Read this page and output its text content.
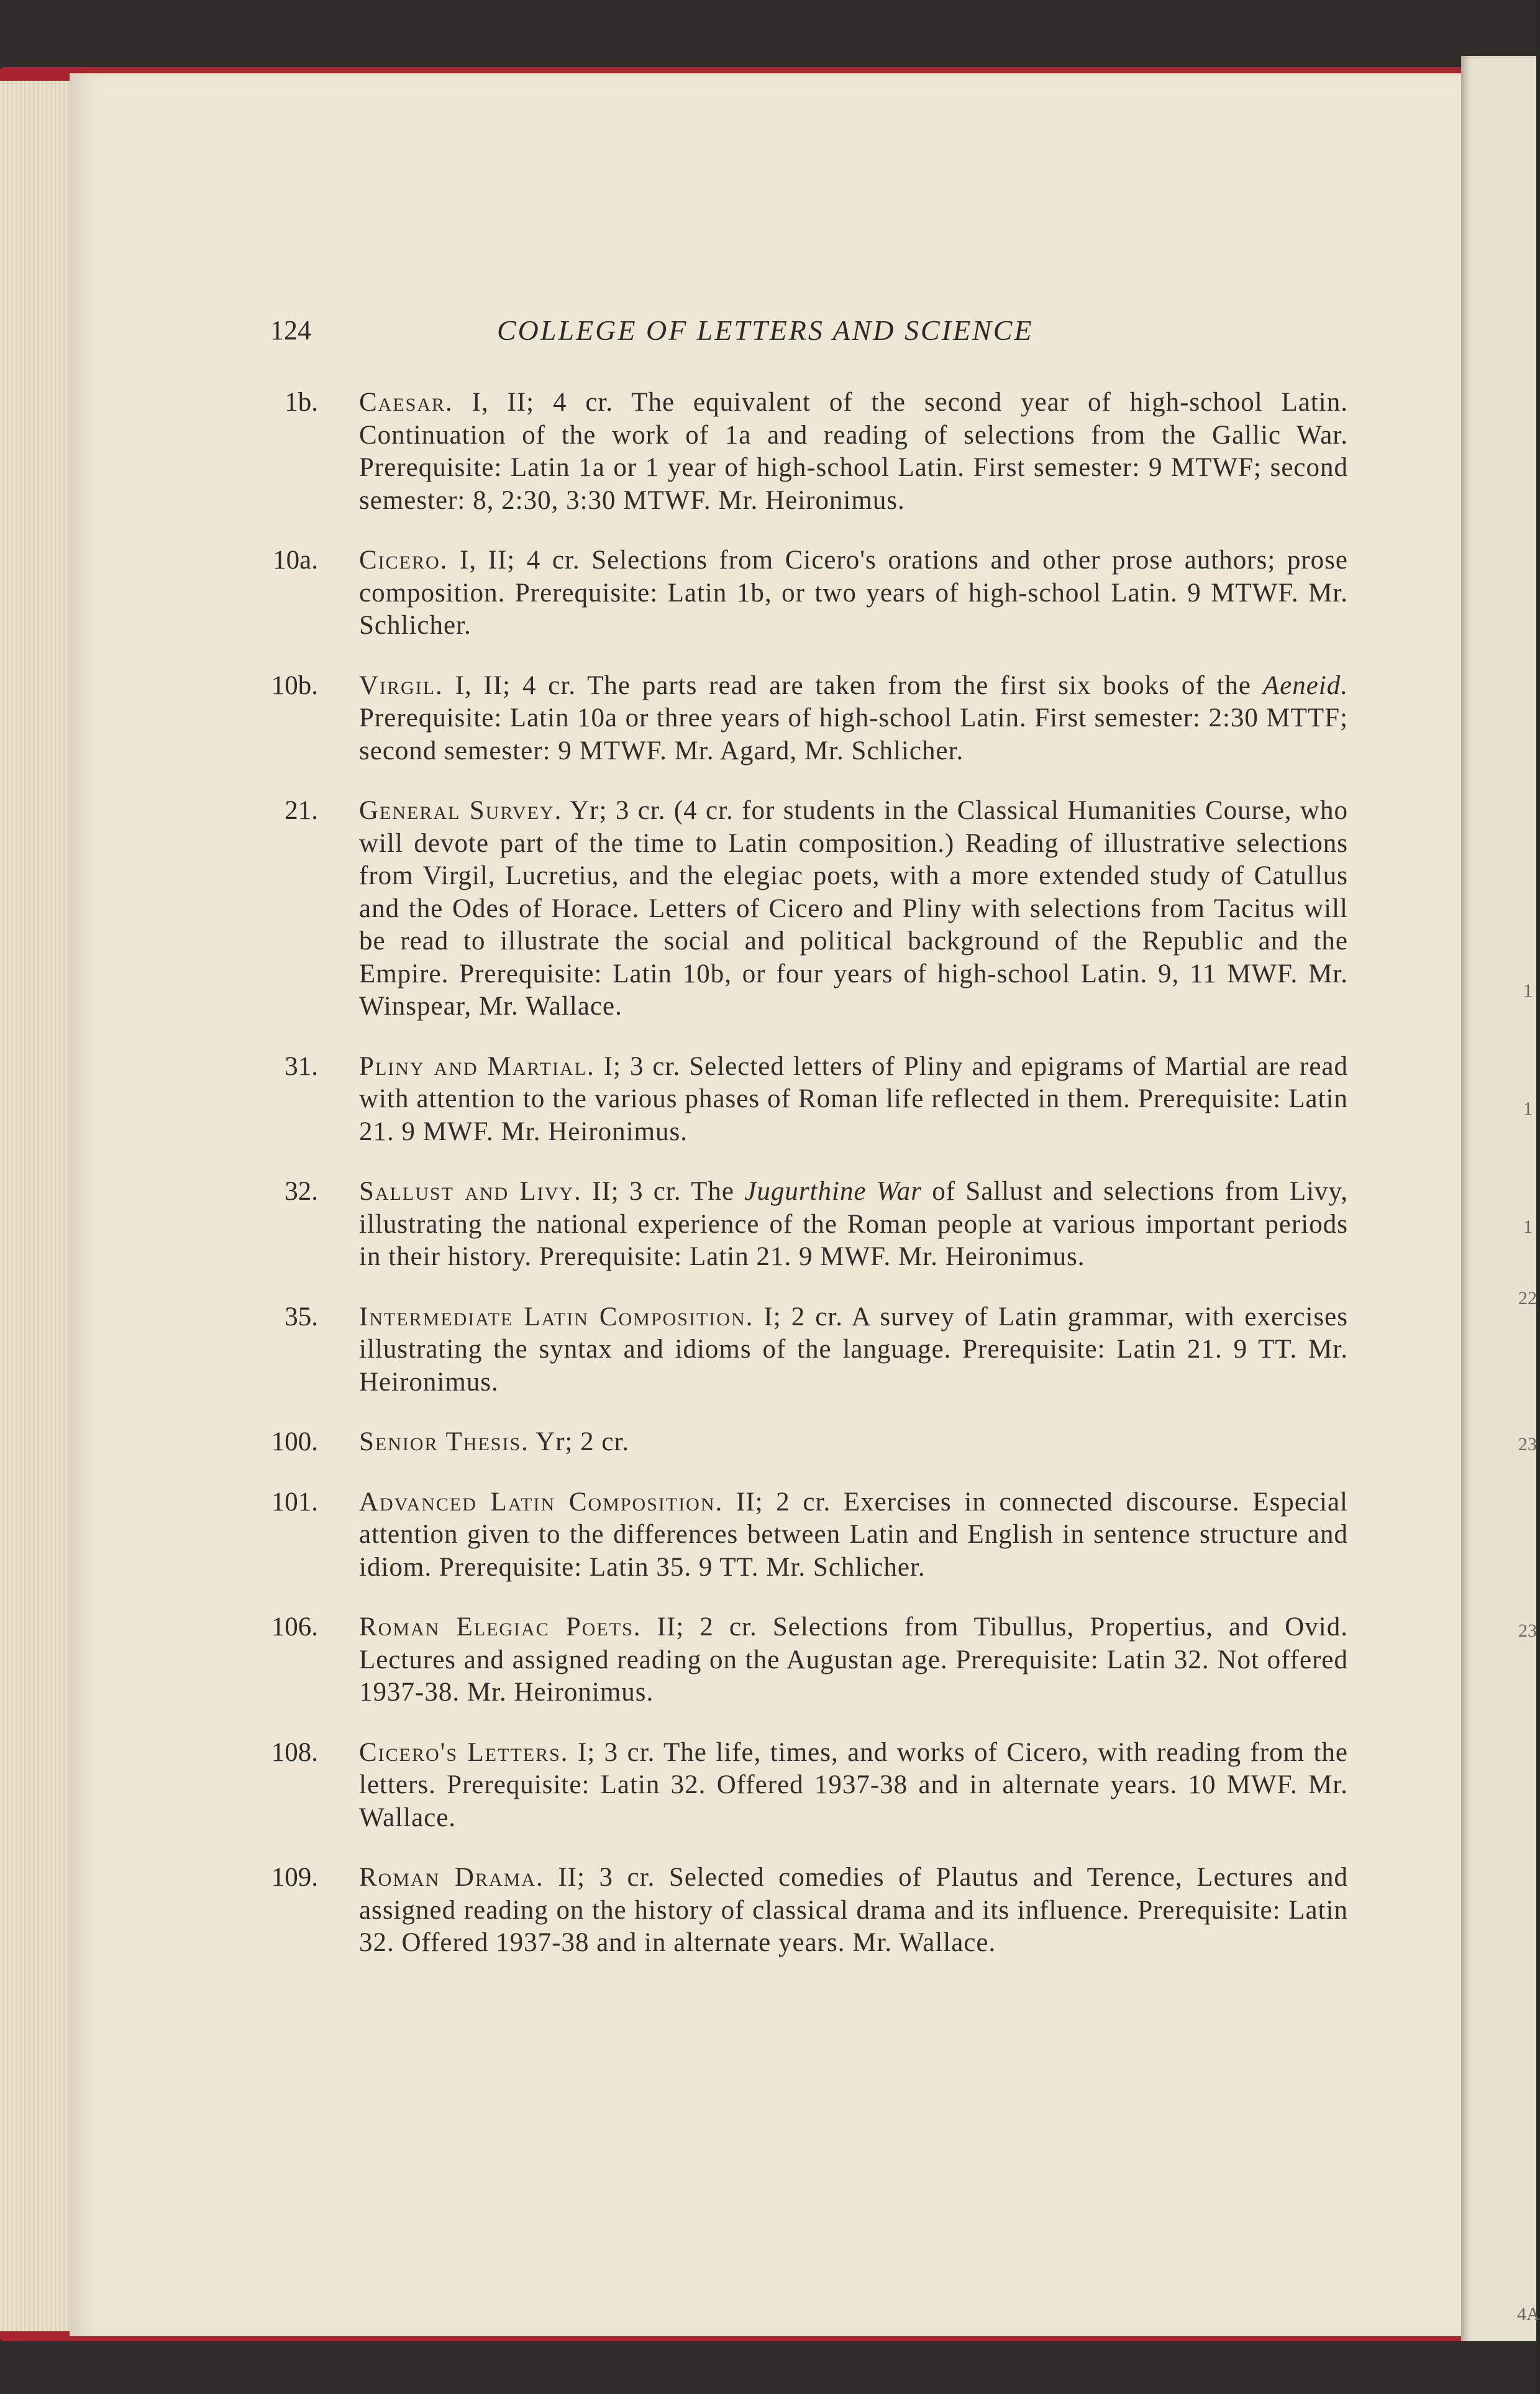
1
1
1
22
23
23
4A
124	COLLEGE OF LETTERS AND SCIENCE
1b. Caesar. I, II; 4 cr. The equivalent of the second year of high-school Latin. Continuation of the work of 1a and reading of selections from the Gallic War. Prerequisite: Latin 1a or 1 year of high-school Latin. First semester: 9 MTWF; second semester: 8, 2:30, 3:30 MTWF. Mr. Heironimus.
10a. Cicero. I, II; 4 cr. Selections from Cicero's orations and other prose authors; prose composition. Prerequisite: Latin 1b, or two years of high-school Latin. 9 MTWF. Mr. Schlicher.
10b. Virgil. I, II; 4 cr. The parts read are taken from the first six books of the Aeneid. Prerequisite: Latin 10a or three years of high-school Latin. First semester: 2:30 MTTF; second semester: 9 MTWF. Mr. Agard, Mr. Schlicher.
21. General Survey. Yr; 3 cr. (4 cr. for students in the Classical Humanities Course, who will devote part of the time to Latin composition.) Reading of illustrative selections from Virgil, Lucretius, and the elegiac poets, with a more extended study of Catullus and the Odes of Horace. Letters of Cicero and Pliny with selections from Tacitus will be read to illustrate the social and political background of the Republic and the Empire. Prerequisite: Latin 10b, or four years of high-school Latin. 9, 11 MWF. Mr. Winspear, Mr. Wallace.
31. Pliny and Martial. I; 3 cr. Selected letters of Pliny and epigrams of Martial are read with attention to the various phases of Roman life reflected in them. Prerequisite: Latin 21. 9 MWF. Mr. Heironimus.
32. Sallust and Livy. II; 3 cr. The Jugurthine War of Sallust and selections from Livy, illustrating the national experience of the Roman people at various important periods in their history. Prerequisite: Latin 21. 9 MWF. Mr. Heironimus.
35. Intermediate Latin Composition. I; 2 cr. A survey of Latin grammar, with exercises illustrating the syntax and idioms of the language. Prerequisite: Latin 21. 9 TT. Mr. Heironimus.
100. Senior Thesis. Yr; 2 cr.
101. Advanced Latin Composition. II; 2 cr. Exercises in connected discourse. Especial attention given to the differences between Latin and English in sentence structure and idiom. Prerequisite: Latin 35. 9 TT. Mr. Schlicher.
106. Roman Elegiac Poets. II; 2 cr. Selections from Tibullus, Propertius, and Ovid. Lectures and assigned reading on the Augustan age. Prerequisite: Latin 32. Not offered 1937-38. Mr. Heironimus.
108. Cicero's Letters. I; 3 cr. The life, times, and works of Cicero, with reading from the letters. Prerequisite: Latin 32. Offered 1937-38 and in alternate years. 10 MWF. Mr. Wallace.
109. Roman Drama. II; 3 cr. Selected comedies of Plautus and Terence, Lectures and assigned reading on the history of classical drama and its influence. Prerequisite: Latin 32. Offered 1937-38 and in alternate years. Mr. Wallace.
